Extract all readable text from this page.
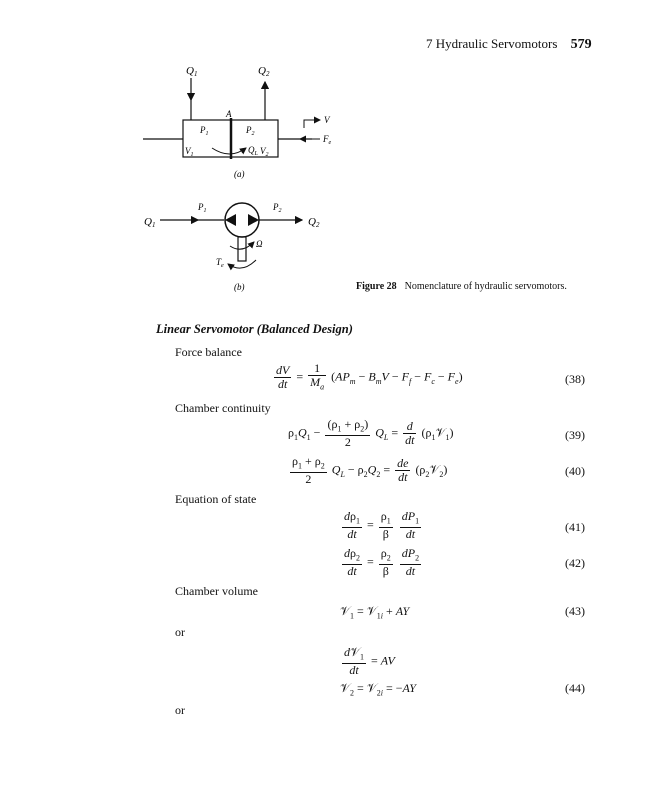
7 Hydraulic Servomotors 579
Q1	Q2
A
$P_1$	$P_2$
$V_1$	$V_2$
$Q_L$
V
$F_e$
(a)
$P_1$	$P_2$
Q1	Q2
Ω
$T_e$
(b)	Figure 28 Nomenclature of hydraulic servomotors.
Linear Servomotor (Balanced Design)
Force balance
$\frac{dV}{dt} = \frac{1}{M_a} (AP_m - B_mV - F_f - F_c - F_e)$	(38)
Chamber continuity
$\rho_1Q_1 - \frac{(\rho_1 + \rho_2)}{2} Q_L = \frac{d}{dt}$ $(\rho_1𝒱_1)$	(39)
$\frac{\rho_1 + \rho_2}{2} Q_L - \rho_2Q_2 = \frac{de}{dt}$ $(\rho_2𝒱_2)$	(40)
Equation of state
$\frac{d\rho_1}{dt} = \frac{\rho_1}{\beta}$
$\frac{dP_1}{dt}$	(41)
$\frac{d\rho_2}{dt} = \frac{\rho_2}{\beta}$
$\frac{dP_2}{dt}$	(42)
Chamber volume
𝒱$_1$ = 𝒱$_{1i}$ + AY	(43)
or
$\frac{d𝒱_1}{dt}$ = AV
𝒱$_2$ = 𝒱$_{2i}$ = −AY	(44)
or
